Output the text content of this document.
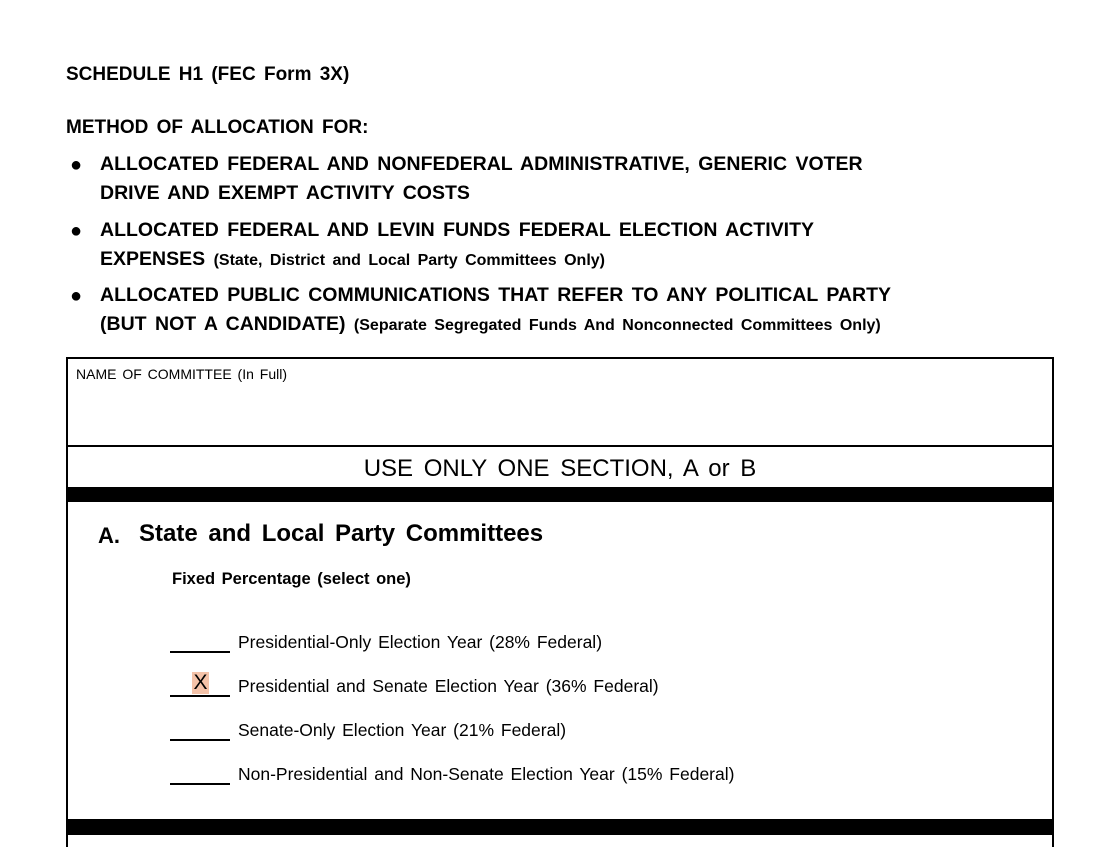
SCHEDULE H1 (FEC Form 3X)
METHOD OF ALLOCATION FOR:
● ALLOCATED FEDERAL AND NONFEDERAL ADMINISTRATIVE, GENERIC VOTER
DRIVE AND EXEMPT ACTIVITY COSTS
● ALLOCATED FEDERAL AND LEVIN FUNDS FEDERAL ELECTION ACTIVITY
EXPENSES (State, District and Local Party Committees Only)
● ALLOCATED PUBLIC COMMUNICATIONS THAT REFER TO ANY POLITICAL PARTY
(BUT NOT A CANDIDATE) (Separate Segregated Funds And Nonconnected Committees Only)
NAME OF COMMITTEE (In Full)
USE ONLY ONE SECTION, A or B
A. State and Local Party Committees
Fixed Percentage (select one)
Presidential-Only Election Year (28% Federal)
X Presidential and Senate Election Year (36% Federal)
Senate-Only Election Year (21% Federal)
Non-Presidential and Non-Senate Election Year (15% Federal)
